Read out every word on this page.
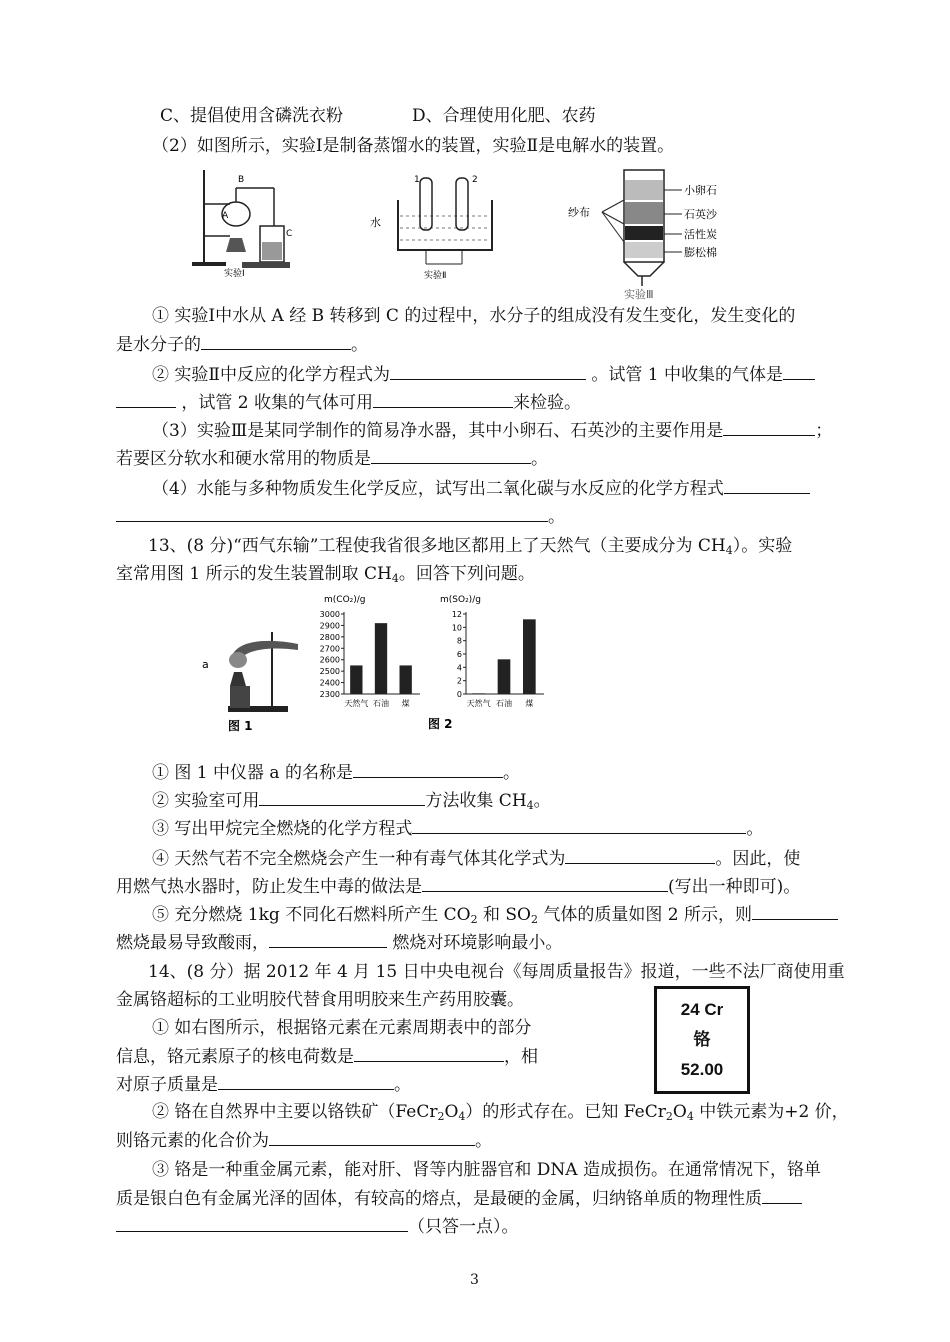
C、提倡使用含磷洗衣粉	D、合理使用化肥、农药
（2）如图所示，实验Ⅰ是制备蒸馏水的装置，实验Ⅱ是电解水的装置。
B
A
C
实验Ⅰ
水
1	2
实验Ⅱ
纱布
小卵石
石英沙
活性炭
膨松棉
实验Ⅲ
① 实验Ⅰ中水从 A 经 B 转移到 C 的过程中，水分子的组成没有发生变化，发生变化的
是水分子的	。
② 实验Ⅱ中反应的化学方程式为	。试管 1 中收集的气体是
，试管 2 收集的气体可用	来检验。
（3）实验Ⅲ是某同学制作的简易净水器，其中小卵石、石英沙的主要作用是	；
若要区分软水和硬水常用的物质是	。
（4）水能与多种物质发生化学反应，试写出二氧化碳与水反应的化学方程式
。
13、(8 分)“西气东输”工程使我省很多地区都用上了天然气（主要成分为 $CH_4$）。实验
室常用图 1 所示的发生装置制取 $CH_4$。回答下列问题。
a
图 1
m(CO₂)/g
2300
2400
2500
2600
2700
2800
2900
3000
天然气 石油 煤
m(SO₂)/g
0
2
4
6
8
10
12
天然气 石油 煤
图 2
① 图 1 中仪器 a 的名称是	。
② 实验室可用	方法收集 $CH_4$。
③ 写出甲烷完全燃烧的化学方程式	。
④ 天然气若不完全燃烧会产生一种有毒气体其化学式为	。因此，使
用燃气热水器时，防止发生中毒的做法是	(写出一种即可)。
⑤ 充分燃烧 1kg 不同化石燃料所产生 $CO_2$ 和 $SO_2$ 气体的质量如图 2 所示，则
燃烧最易导致酸雨，	燃烧对环境影响最小。
14、(8 分）据 2012 年 4 月 15 日中央电视台《每周质量报告》报道，一些不法厂商使用重
金属铬超标的工业明胶代替食用明胶来生产药用胶囊。
① 如右图所示，根据铬元素在元素周期表中的部分
信息，铬元素原子的核电荷数是	，相
对原子质量是	。
24 Cr
铬
52.00
② 铬在自然界中主要以铬铁矿$(FeCr_2O_4)$的形式存在。已知 $FeCr_2O_4$ 中铁元素为+2 价，
则铬元素的化合价为	。
③ 铬是一种重金属元素，能对肝、肾等内脏器官和 DNA 造成损伤。在通常情况下，铬单
质是银白色有金属光泽的固体，有较高的熔点，是最硬的金属，归纳铬单质的物理性质
（只答一点）。
3
